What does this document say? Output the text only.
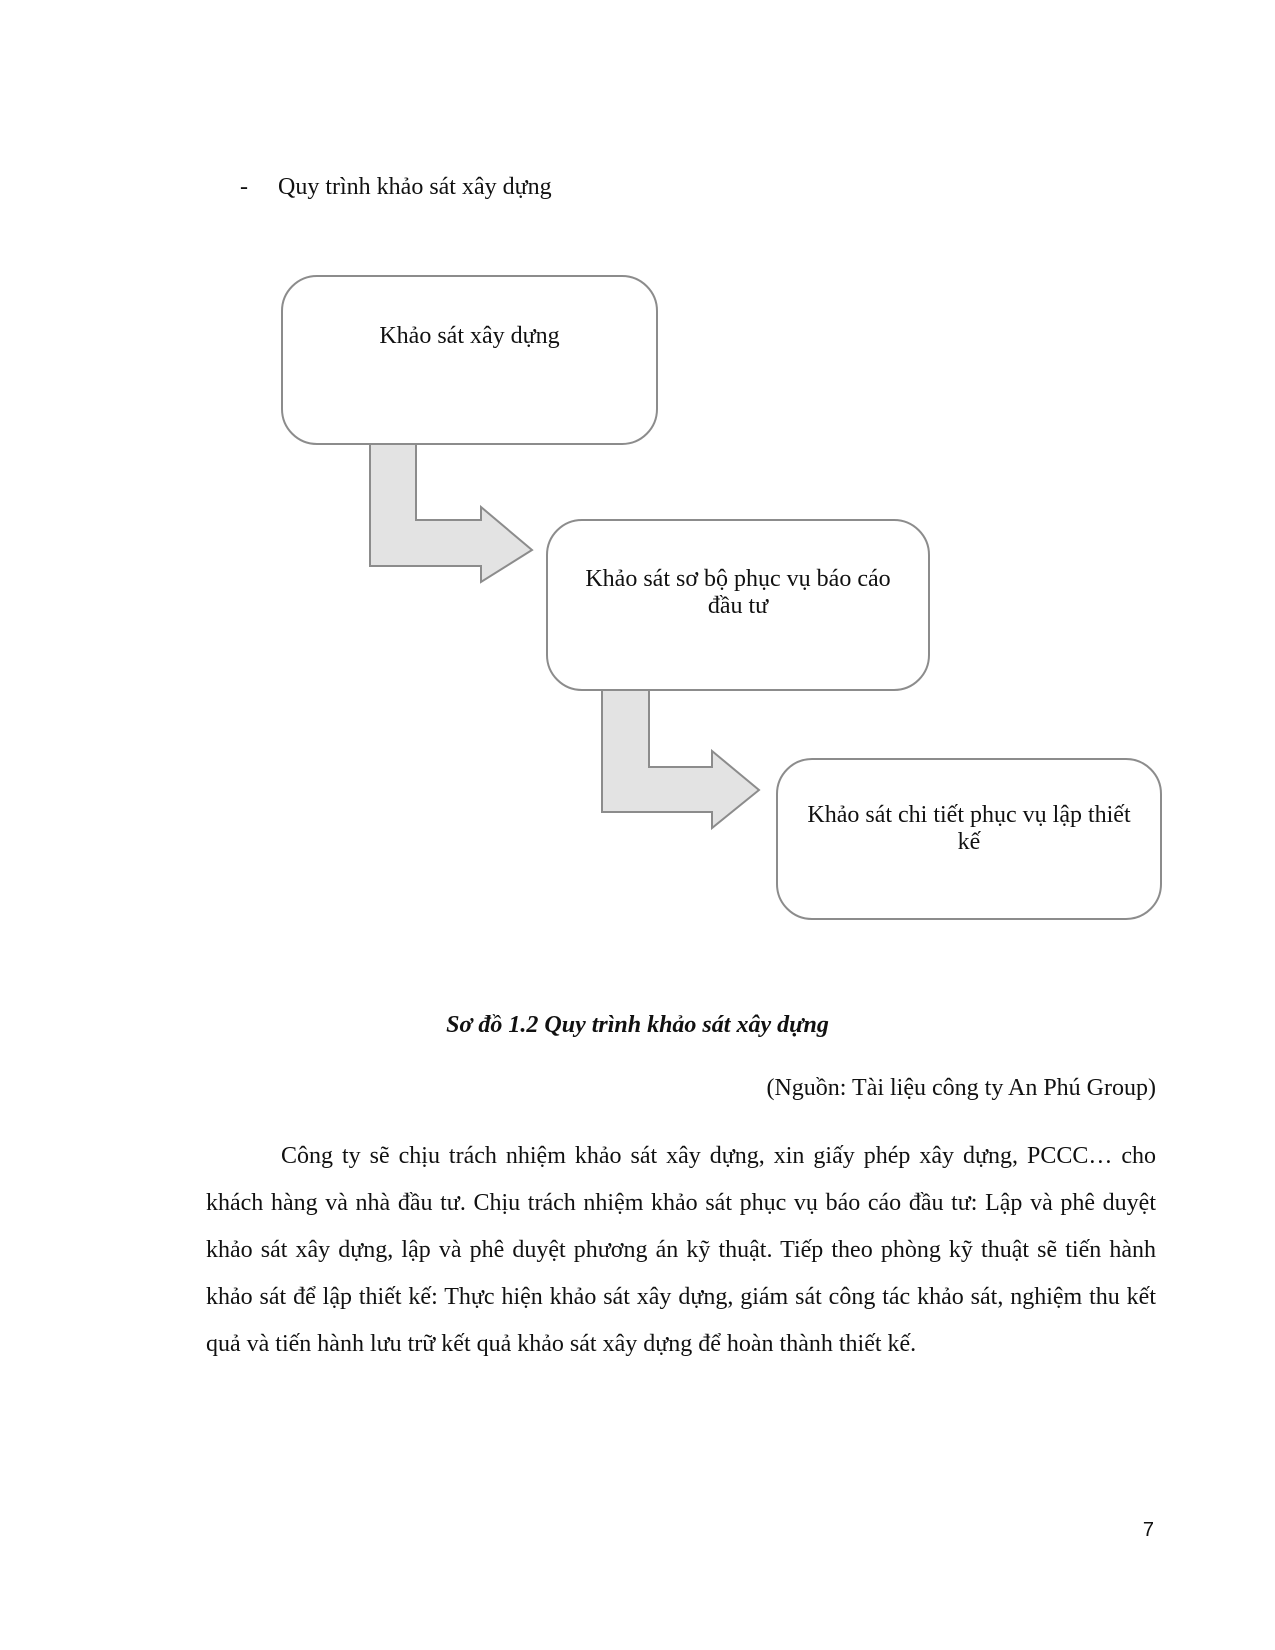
- Quy trình khảo sát xây dựng
Khảo sát xây dựng
Khảo sát sơ bộ phục vụ báo cáo đầu tư
Khảo sát chi tiết phục vụ lập thiết kế
Sơ đồ 1.2 Quy trình khảo sát xây dựng
(Nguồn: Tài liệu công ty An Phú Group)

Công ty sẽ chịu trách nhiệm khảo sát xây dựng, xin giấy phép xây dựng, PCCC… cho khách hàng và nhà đầu tư. Chịu trách nhiệm khảo sát phục vụ báo cáo đầu tư: Lập và phê duyệt khảo sát xây dựng, lập và phê duyệt phương án kỹ thuật. Tiếp theo phòng kỹ thuật sẽ tiến hành khảo sát để lập thiết kế: Thực hiện khảo sát xây dựng, giám sát công tác khảo sát, nghiệm thu kết quả và tiến hành lưu trữ kết quả khảo sát xây dựng để hoàn thành thiết kế.

7
